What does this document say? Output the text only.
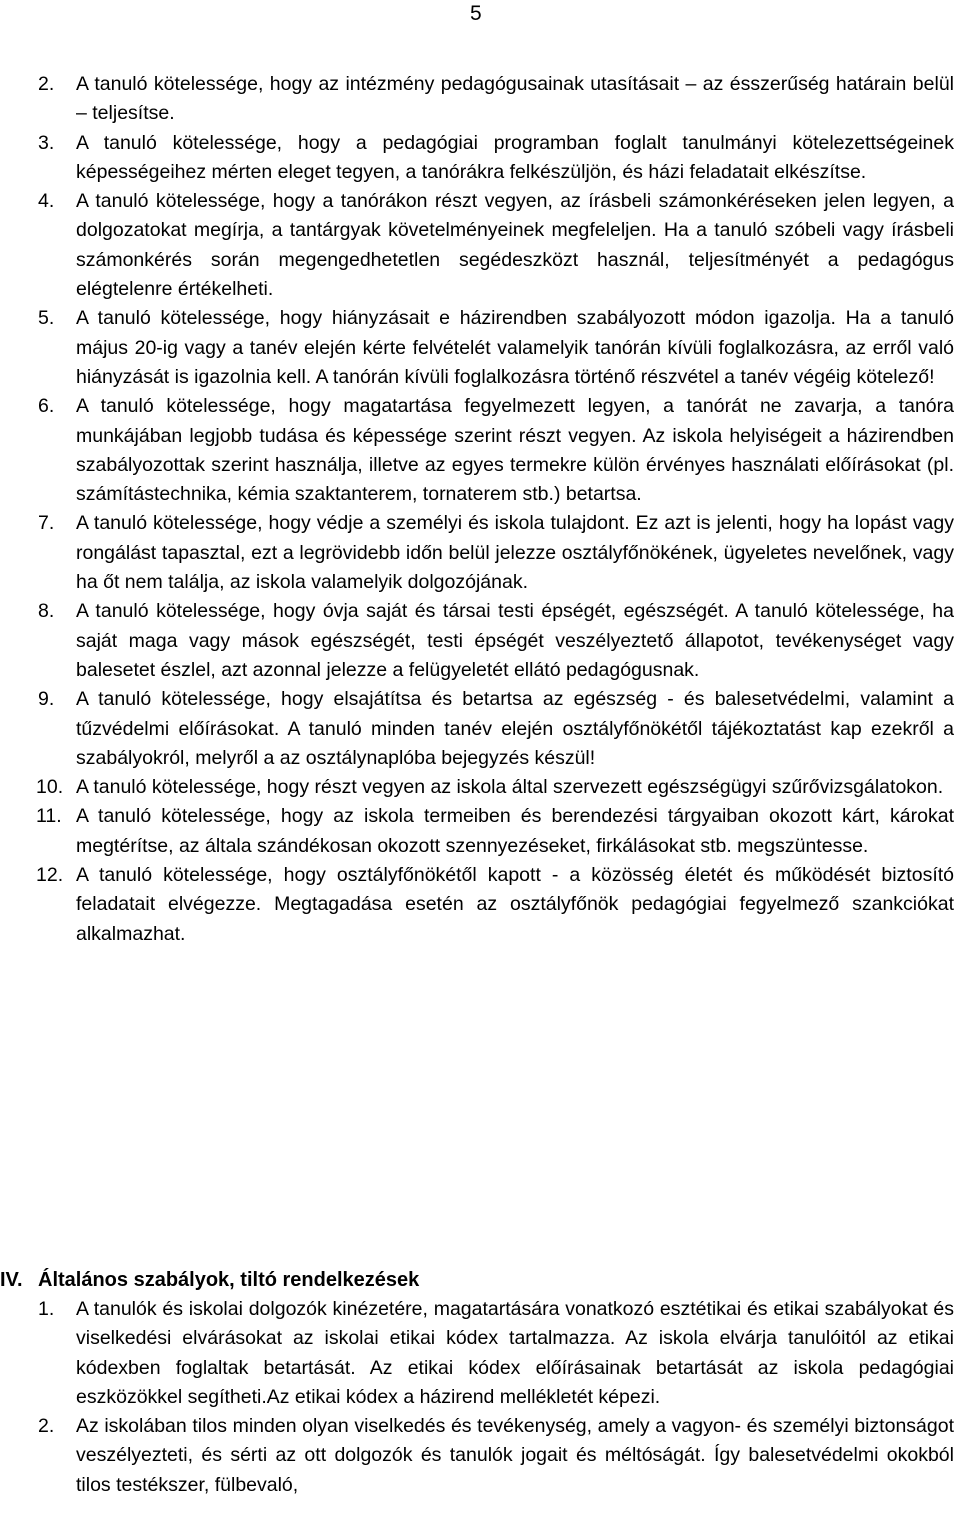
5
2. A tanuló kötelessége, hogy az intézmény pedagógusainak utasításait – az ésszerűség határain belül – teljesítse.
3. A tanuló kötelessége, hogy a pedagógiai programban foglalt tanulmányi kötelezettségeinek képességeihez mérten eleget tegyen, a tanórákra felkészüljön, és házi feladatait elkészítse.
4. A tanuló kötelessége, hogy a tanórákon részt vegyen, az írásbeli számonkéréseken jelen legyen, a dolgozatokat megírja, a tantárgyak követelményeinek megfeleljen. Ha a tanuló szóbeli vagy írásbeli számonkérés során megengedhetetlen segédeszközt használ, teljesítményét a pedagógus elégtelenre értékelheti.
5. A tanuló kötelessége, hogy hiányzásait e házirendben szabályozott módon igazolja. Ha a tanuló május 20-ig vagy a tanév elején kérte felvételét valamelyik tanórán kívüli foglalkozásra, az erről való hiányzását is igazolnia kell. A tanórán kívüli foglalkozásra történő részvétel a tanév végéig kötelező!
6. A tanuló kötelessége, hogy magatartása fegyelmezett legyen, a tanórát ne zavarja, a tanóra munkájában legjobb tudása és képessége szerint részt vegyen. Az iskola helyiségeit a házirendben szabályozottak szerint használja, illetve az egyes termekre külön érvényes használati előírásokat (pl. számítástechnika, kémia szaktanterem, tornaterem stb.) betartsa.
7. A tanuló kötelessége, hogy védje a személyi és iskola tulajdont. Ez azt is jelenti, hogy ha lopást vagy rongálást tapasztal, ezt a legrövidebb időn belül jelezze osztályfőnökének, ügyeletes nevelőnek, vagy ha őt nem találja, az iskola valamelyik dolgozójának.
8. A tanuló kötelessége, hogy óvja saját és társai testi épségét, egészségét. A tanuló kötelessége, ha saját maga vagy mások egészségét, testi épségét veszélyeztető állapotot, tevékenységet vagy balesetet észlel, azt azonnal jelezze a felügyeletét ellátó pedagógusnak.
9. A tanuló kötelessége, hogy elsajátítsa és betartsa az egészség - és balesetvédelmi, valamint a tűzvédelmi előírásokat. A tanuló minden tanév elején osztályfőnökétől tájékoztatást kap ezekről a szabályokról, melyről a az osztálynaplóba bejegyzés készül!
10. A tanuló kötelessége, hogy részt vegyen az iskola által szervezett egészségügyi szűrővizsgálatokon.
11. A tanuló kötelessége, hogy az iskola termeiben és berendezési tárgyaiban okozott kárt, károkat megtérítse, az általa szándékosan okozott szennyezéseket, firkálásokat stb. megszüntesse.
12. A tanuló kötelessége, hogy osztályfőnökétől kapott - a közösség életét és működését biztosító feladatait elvégezze. Megtagadása esetén az osztályfőnök pedagógiai fegyelmező szankciókat alkalmazhat.
IV. Általános szabályok, tiltó rendelkezések
1. A tanulók és iskolai dolgozók kinézetére, magatartására vonatkozó esztétikai és etikai szabályokat és viselkedési elvárásokat az iskolai etikai kódex tartalmazza. Az iskola elvárja tanulóitól az etikai kódexben foglaltak betartását. Az etikai kódex előírásainak betartását az iskola pedagógiai eszközökkel segítheti.Az etikai kódex a házirend mellékletét képezi.
2. Az iskolában tilos minden olyan viselkedés és tevékenység, amely a vagyon- és személyi biztonságot veszélyezteti, és sérti az ott dolgozók és tanulók jogait és méltóságát. Így balesetvédelmi okokból tilos testékszer, fülbevaló,
